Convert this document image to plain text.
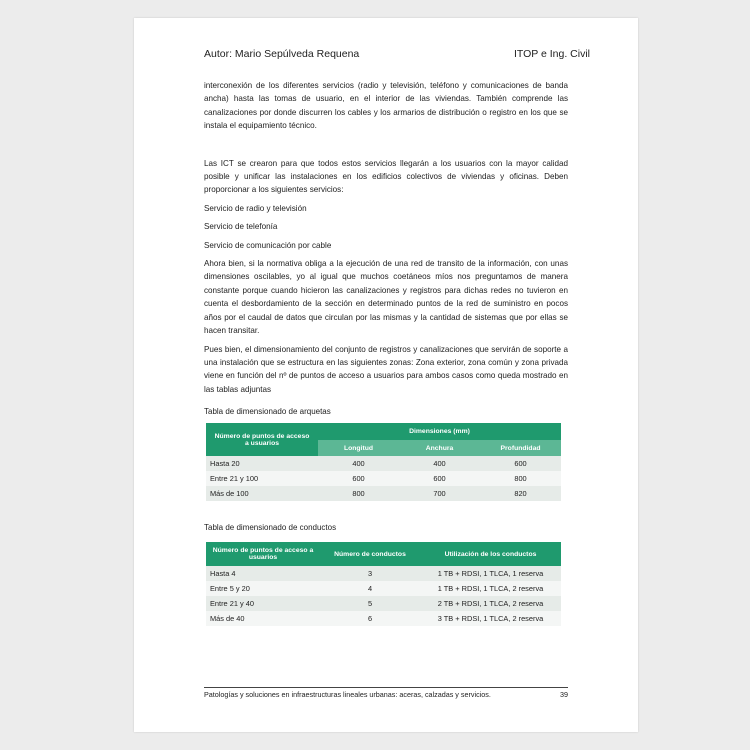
Autor: Mario Sepúlveda Requena	ITOP e Ing. Civil

interconexión de los diferentes servicios (radio y televisión, teléfono y comunicaciones de banda ancha) hasta las tomas de usuario, en el interior de las viviendas. También comprende las canalizaciones por donde discurren los cables y los armarios de distribución o registro en los que se instala el equipamiento técnico.

Las ICT se crearon para que todos estos servicios llegarán a los usuarios con la mayor calidad posible y unificar las instalaciones en los edificios colectivos de viviendas y oficinas. Deben proporcionar a los siguientes servicios:

Servicio de radio y televisión

Servicio de telefonía

Servicio de comunicación por cable

Ahora bien, si la normativa obliga a la ejecución de una red de transito de la información, con unas dimensiones oscilables, yo al igual que muchos coetáneos míos nos preguntamos de manera constante porque cuando hicieron las canalizaciones y registros para dichas redes no tuvieron en cuenta el desbordamiento de la sección en determinado puntos de la red de suministro en pocos años por el caudal de datos que circulan por las mismas y la cantidad de sistemas que por ellas se hacen transitar.

Pues bien, el dimensionamiento del conjunto de registros y canalizaciones que servirán de soporte a una instalación que se estructura en las siguientes zonas: Zona exterior, zona común y zona privada viene en función del nº de puntos de acceso a usuarios para ambos casos como queda mostrado en las tablas adjuntas

Tabla de dimensionado de arquetas
Número de puntos de acceso a usuarios	Dimensiones (mm)		
	Longitud	Anchura	Profundidad
Hasta 20	400	400	600
Entre 21 y 100	600	600	800
Más de 100	800	700	820
Tabla de dimensionado de conductos
Número de puntos de acceso a usuarios	Número de conductos	Utilización de los conductos
Hasta 4	3	1 TB + RDSI, 1 TLCA, 1 reserva
Entre 5 y 20	4	1 TB + RDSI, 1 TLCA, 2 reserva
Entre 21 y 40	5	2 TB + RDSI, 1 TLCA, 2 reserva
Más de 40	6	3 TB + RDSI, 1 TLCA, 2 reserva
Patologías y soluciones en infraestructuras lineales urbanas: aceras, calzadas y servicios.	39
